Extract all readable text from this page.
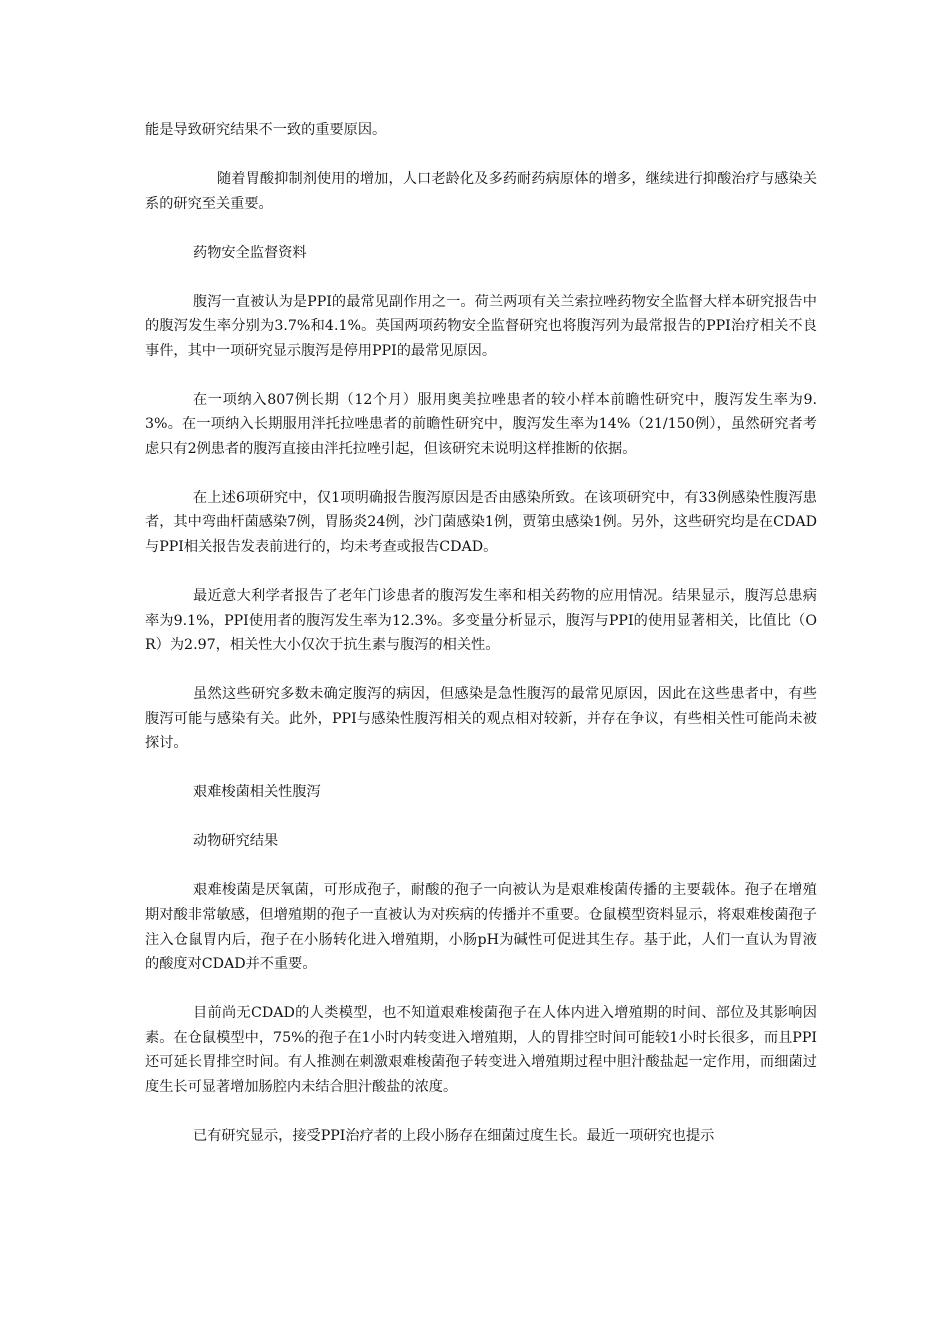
能是导致研究结果不一致的重要原因。

随着胃酸抑制剂使用的增加，人口老龄化及多药耐药病原体的增多，继续进行抑酸治疗与感染关系的研究至关重要。

药物安全监督资料

腹泻一直被认为是PPI的最常见副作用之一。荷兰两项有关兰索拉唑药物安全监督大样本研究报告中的腹泻发生率分别为3.7%和4.1%。英国两项药物安全监督研究也将腹泻列为最常报告的PPI治疗相关不良事件，其中一项研究显示腹泻是停用PPI的最常见原因。

在一项纳入807例长期（12个月）服用奥美拉唑患者的较小样本前瞻性研究中，腹泻发生率为9.3%。在一项纳入长期服用泮托拉唑患者的前瞻性研究中，腹泻发生率为14%（21/150例），虽然研究者考虑只有2例患者的腹泻直接由泮托拉唑引起，但该研究未说明这样推断的依据。

在上述6项研究中，仅1项明确报告腹泻原因是否由感染所致。在该项研究中，有33例感染性腹泻患者，其中弯曲杆菌感染7例，胃肠炎24例，沙门菌感染1例，贾第虫感染1例。另外，这些研究均是在CDAD与PPI相关报告发表前进行的，均未考查或报告CDAD。

最近意大利学者报告了老年门诊患者的腹泻发生率和相关药物的应用情况。结果显示，腹泻总患病率为9.1%，PPI使用者的腹泻发生率为12.3%。多变量分析显示，腹泻与PPI的使用显著相关，比值比（OR）为2.97，相关性大小仅次于抗生素与腹泻的相关性。

虽然这些研究多数未确定腹泻的病因，但感染是急性腹泻的最常见原因，因此在这些患者中，有些腹泻可能与感染有关。此外，PPI与感染性腹泻相关的观点相对较新，并存在争议，有些相关性可能尚未被探讨。

艰难梭菌相关性腹泻

动物研究结果

艰难梭菌是厌氧菌，可形成孢子，耐酸的孢子一向被认为是艰难梭菌传播的主要载体。孢子在增殖期对酸非常敏感，但增殖期的孢子一直被认为对疾病的传播并不重要。仓鼠模型资料显示，将艰难梭菌孢子注入仓鼠胃内后，孢子在小肠转化进入增殖期，小肠pH为碱性可促进其生存。基于此，人们一直认为胃液的酸度对CDAD并不重要。

目前尚无CDAD的人类模型，也不知道艰难梭菌孢子在人体内进入增殖期的时间、部位及其影响因素。在仓鼠模型中，75%的孢子在1小时内转变进入增殖期，人的胃排空时间可能较1小时长很多，而且PPI还可延长胃排空时间。有人推测在刺激艰难梭菌孢子转变进入增殖期过程中胆汁酸盐起一定作用，而细菌过度生长可显著增加肠腔内未结合胆汁酸盐的浓度。

已有研究显示，接受PPI治疗者的上段小肠存在细菌过度生长。最近一项研究也提示
